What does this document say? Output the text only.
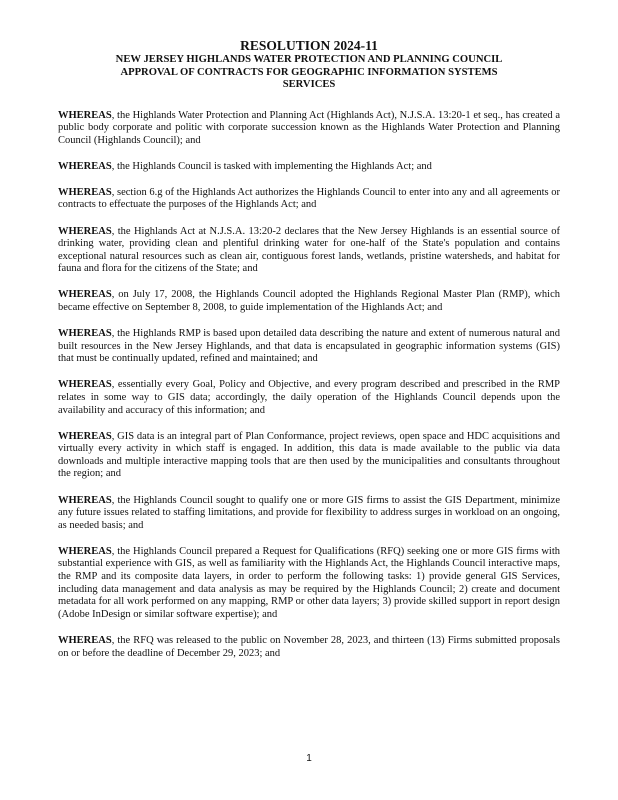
RESOLUTION 2024-11
NEW JERSEY HIGHLANDS WATER PROTECTION AND PLANNING COUNCIL
APPROVAL OF CONTRACTS FOR GEOGRAPHIC INFORMATION SYSTEMS
SERVICES

WHEREAS, the Highlands Water Protection and Planning Act (Highlands Act), N.J.S.A. 13:20-1 et seq., has created a public body corporate and politic with corporate succession known as the Highlands Water Protection and Planning Council (Highlands Council); and

WHEREAS, the Highlands Council is tasked with implementing the Highlands Act; and

WHEREAS, section 6.g of the Highlands Act authorizes the Highlands Council to enter into any and all agreements or contracts to effectuate the purposes of the Highlands Act; and

WHEREAS, the Highlands Act at N.J.S.A. 13:20-2 declares that the New Jersey Highlands is an essential source of drinking water, providing clean and plentiful drinking water for one-half of the State's population and contains exceptional natural resources such as clean air, contiguous forest lands, wetlands, pristine watersheds, and habitat for fauna and flora for the citizens of the State; and

WHEREAS, on July 17, 2008, the Highlands Council adopted the Highlands Regional Master Plan (RMP), which became effective on September 8, 2008, to guide implementation of the Highlands Act; and

WHEREAS, the Highlands RMP is based upon detailed data describing the nature and extent of numerous natural and built resources in the New Jersey Highlands, and that data is encapsulated in geographic information systems (GIS) that must be continually updated, refined and maintained; and

WHEREAS, essentially every Goal, Policy and Objective, and every program described and prescribed in the RMP relates in some way to GIS data; accordingly, the daily operation of the Highlands Council depends upon the availability and accuracy of this information; and

WHEREAS, GIS data is an integral part of Plan Conformance, project reviews, open space and HDC acquisitions and virtually every activity in which staff is engaged. In addition, this data is made available to the public via data downloads and multiple interactive mapping tools that are then used by the municipalities and consultants throughout the region; and

WHEREAS, the Highlands Council sought to qualify one or more GIS firms to assist the GIS Department, minimize any future issues related to staffing limitations, and provide for flexibility to address surges in workload on an ongoing, as needed basis; and

WHEREAS, the Highlands Council prepared a Request for Qualifications (RFQ) seeking one or more GIS firms with substantial experience with GIS, as well as familiarity with the Highlands Act, the Highlands Council interactive maps, the RMP and its composite data layers, in order to perform the following tasks: 1) provide general GIS Services, including data management and data analysis as may be required by the Highlands Council; 2) create and document metadata for all work performed on any mapping, RMP or other data layers; 3) provide skilled support in report design (Adobe InDesign or similar software expertise); and

WHEREAS, the RFQ was released to the public on November 28, 2023, and thirteen (13) Firms submitted proposals on or before the deadline of December 29, 2023; and

1
